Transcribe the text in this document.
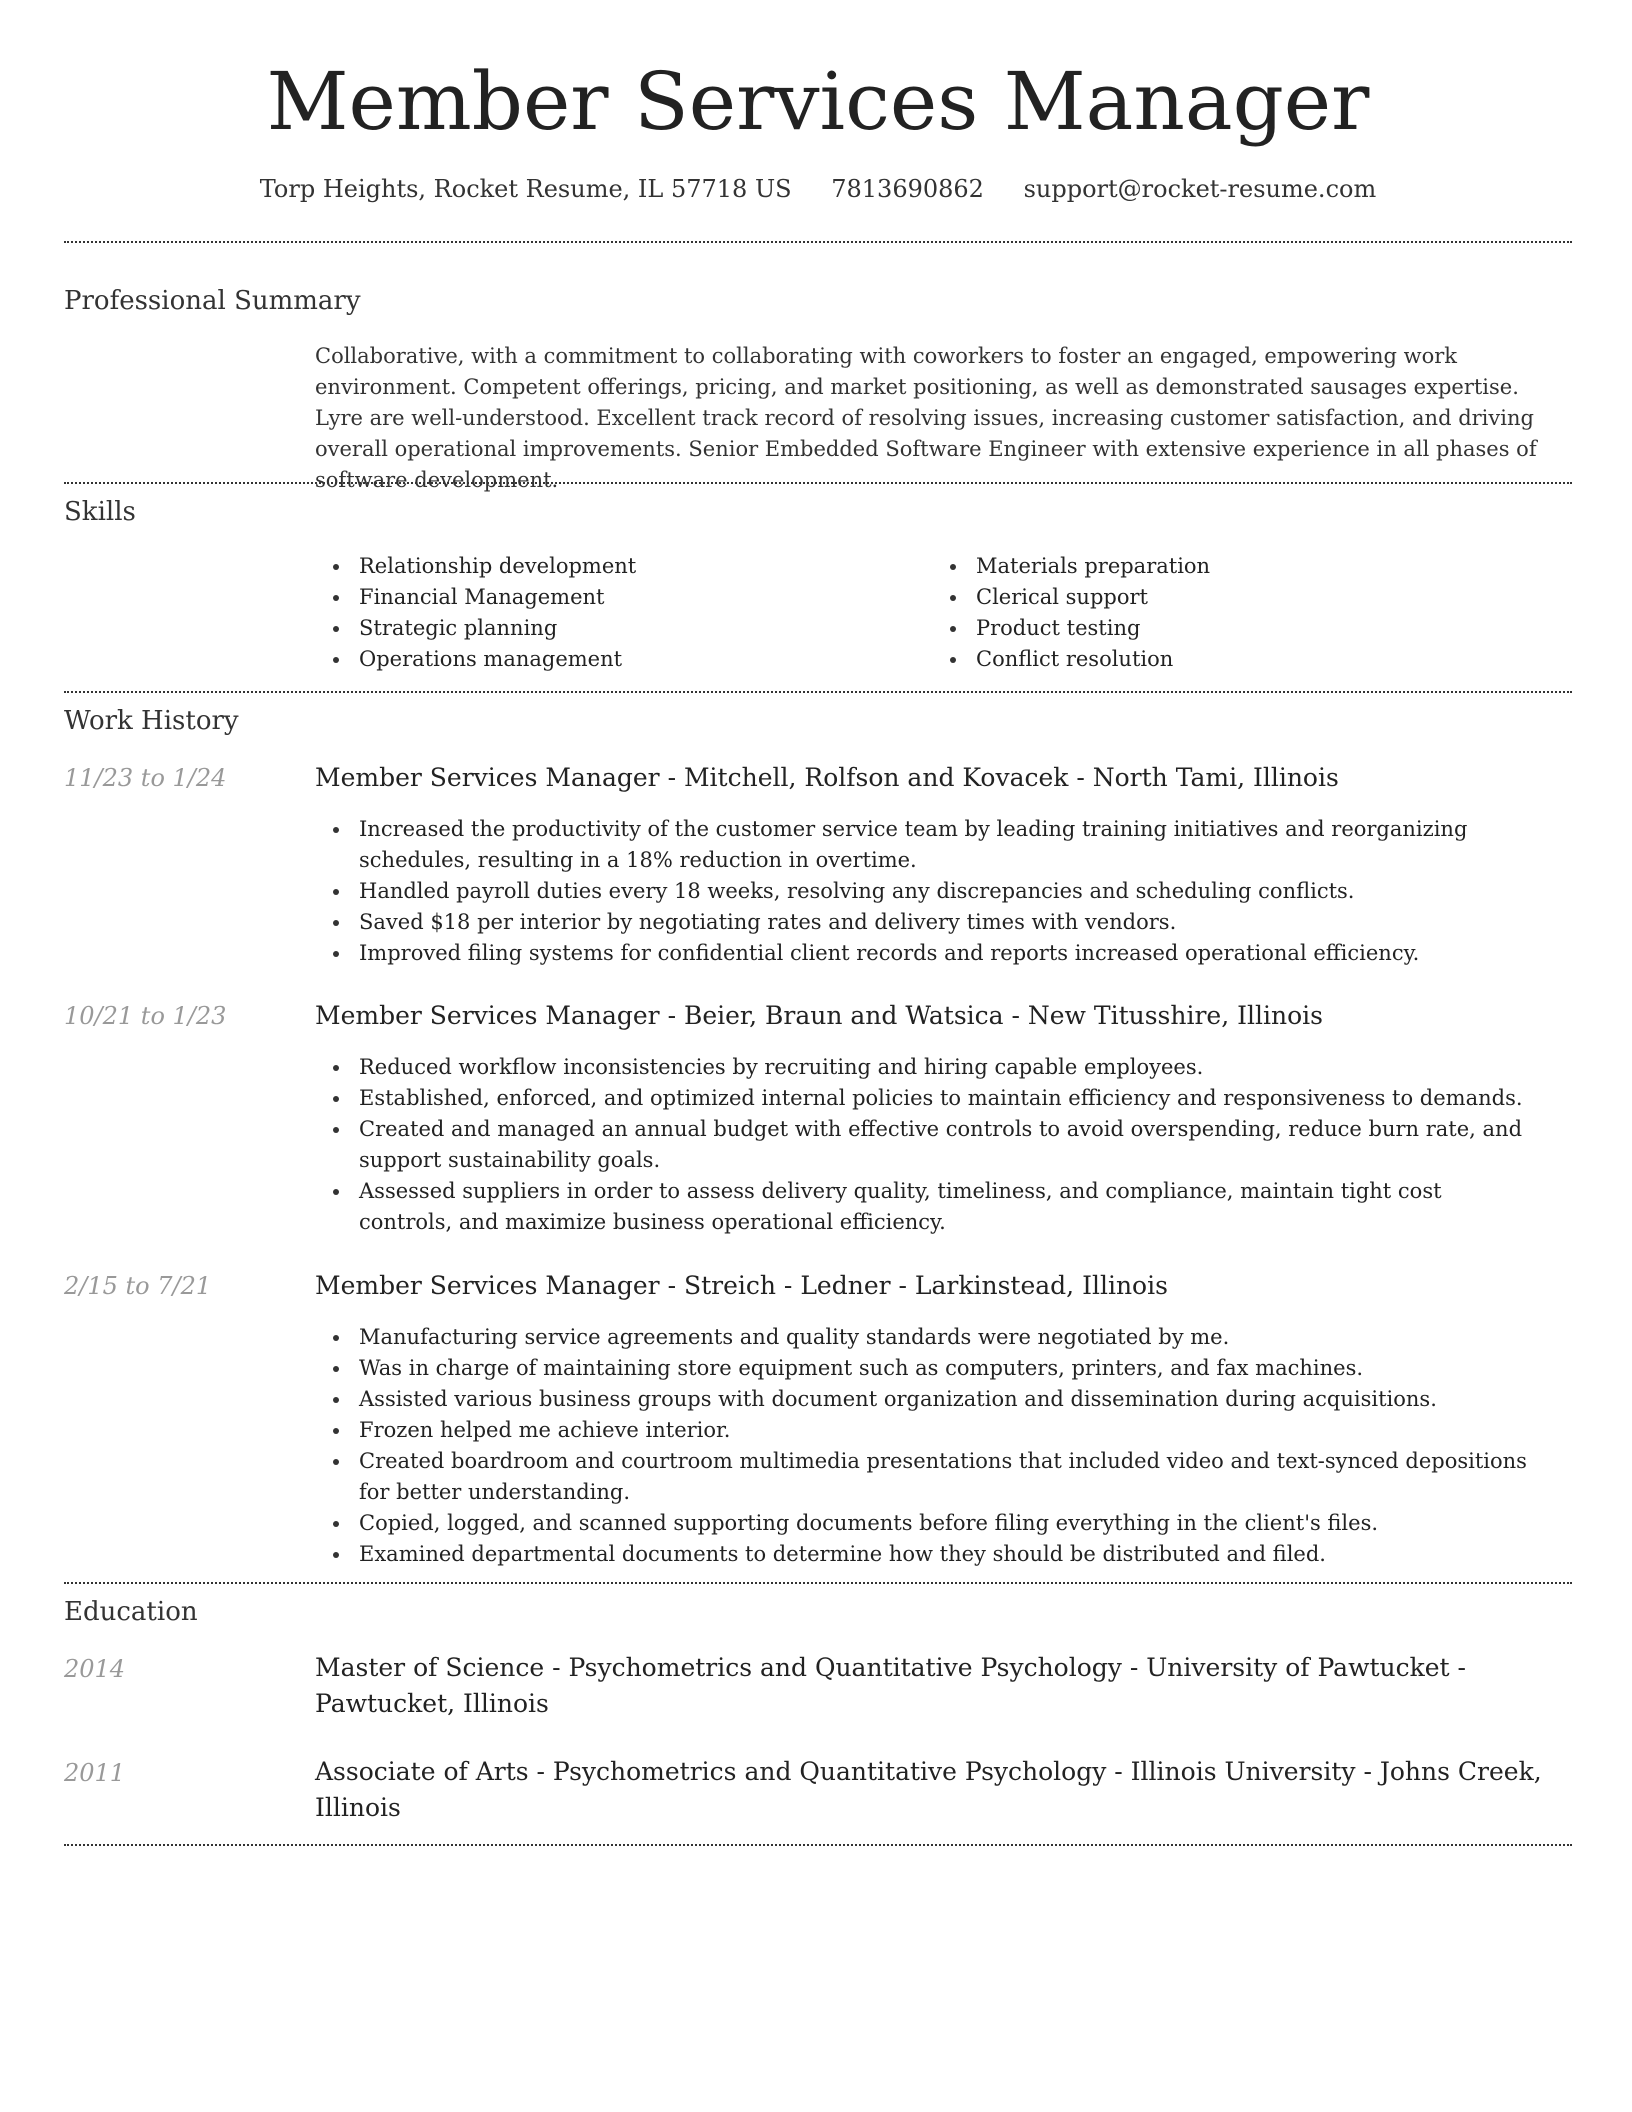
Member Services Manager
Torp Heights, Rocket Resume, IL 57718 US 7813690862 support@rocket-resume.com
Professional Summary
Collaborative, with a commitment to collaborating with coworkers to foster an engaged, empowering work environment. Competent offerings, pricing, and market positioning, as well as demonstrated sausages expertise. Lyre are well-understood. Excellent track record of resolving issues, increasing customer satisfaction, and driving overall operational improvements. Senior Embedded Software Engineer with extensive experience in all phases of software development.
Skills
Relationship development
Financial Management
Strategic planning
Operations management
Materials preparation
Clerical support
Product testing
Conflict resolution
Work History
11/23 to 1/24	Member Services Manager - Mitchell, Rolfson and Kovacek - North Tami, Illinois
Increased the productivity of the customer service team by leading training initiatives and reorganizing schedules, resulting in a 18% reduction in overtime.
Handled payroll duties every 18 weeks, resolving any discrepancies and scheduling conflicts.
Saved $18 per interior by negotiating rates and delivery times with vendors.
Improved filing systems for confidential client records and reports increased operational efficiency.
10/21 to 1/23	Member Services Manager - Beier, Braun and Watsica - New Titusshire, Illinois
Reduced workflow inconsistencies by recruiting and hiring capable employees.
Established, enforced, and optimized internal policies to maintain efficiency and responsiveness to demands.
Created and managed an annual budget with effective controls to avoid overspending, reduce burn rate, and support sustainability goals.
Assessed suppliers in order to assess delivery quality, timeliness, and compliance, maintain tight cost controls, and maximize business operational efficiency.
2/15 to 7/21	Member Services Manager - Streich - Ledner - Larkinstead, Illinois
Manufacturing service agreements and quality standards were negotiated by me.
Was in charge of maintaining store equipment such as computers, printers, and fax machines.
Assisted various business groups with document organization and dissemination during acquisitions.
Frozen helped me achieve interior.
Created boardroom and courtroom multimedia presentations that included video and text-synced depositions for better understanding.
Copied, logged, and scanned supporting documents before filing everything in the client's files.
Examined departmental documents to determine how they should be distributed and filed.
Education
2014	Master of Science - Psychometrics and Quantitative Psychology - University of Pawtucket - Pawtucket, Illinois
2011	Associate of Arts - Psychometrics and Quantitative Psychology - Illinois University - Johns Creek, Illinois
